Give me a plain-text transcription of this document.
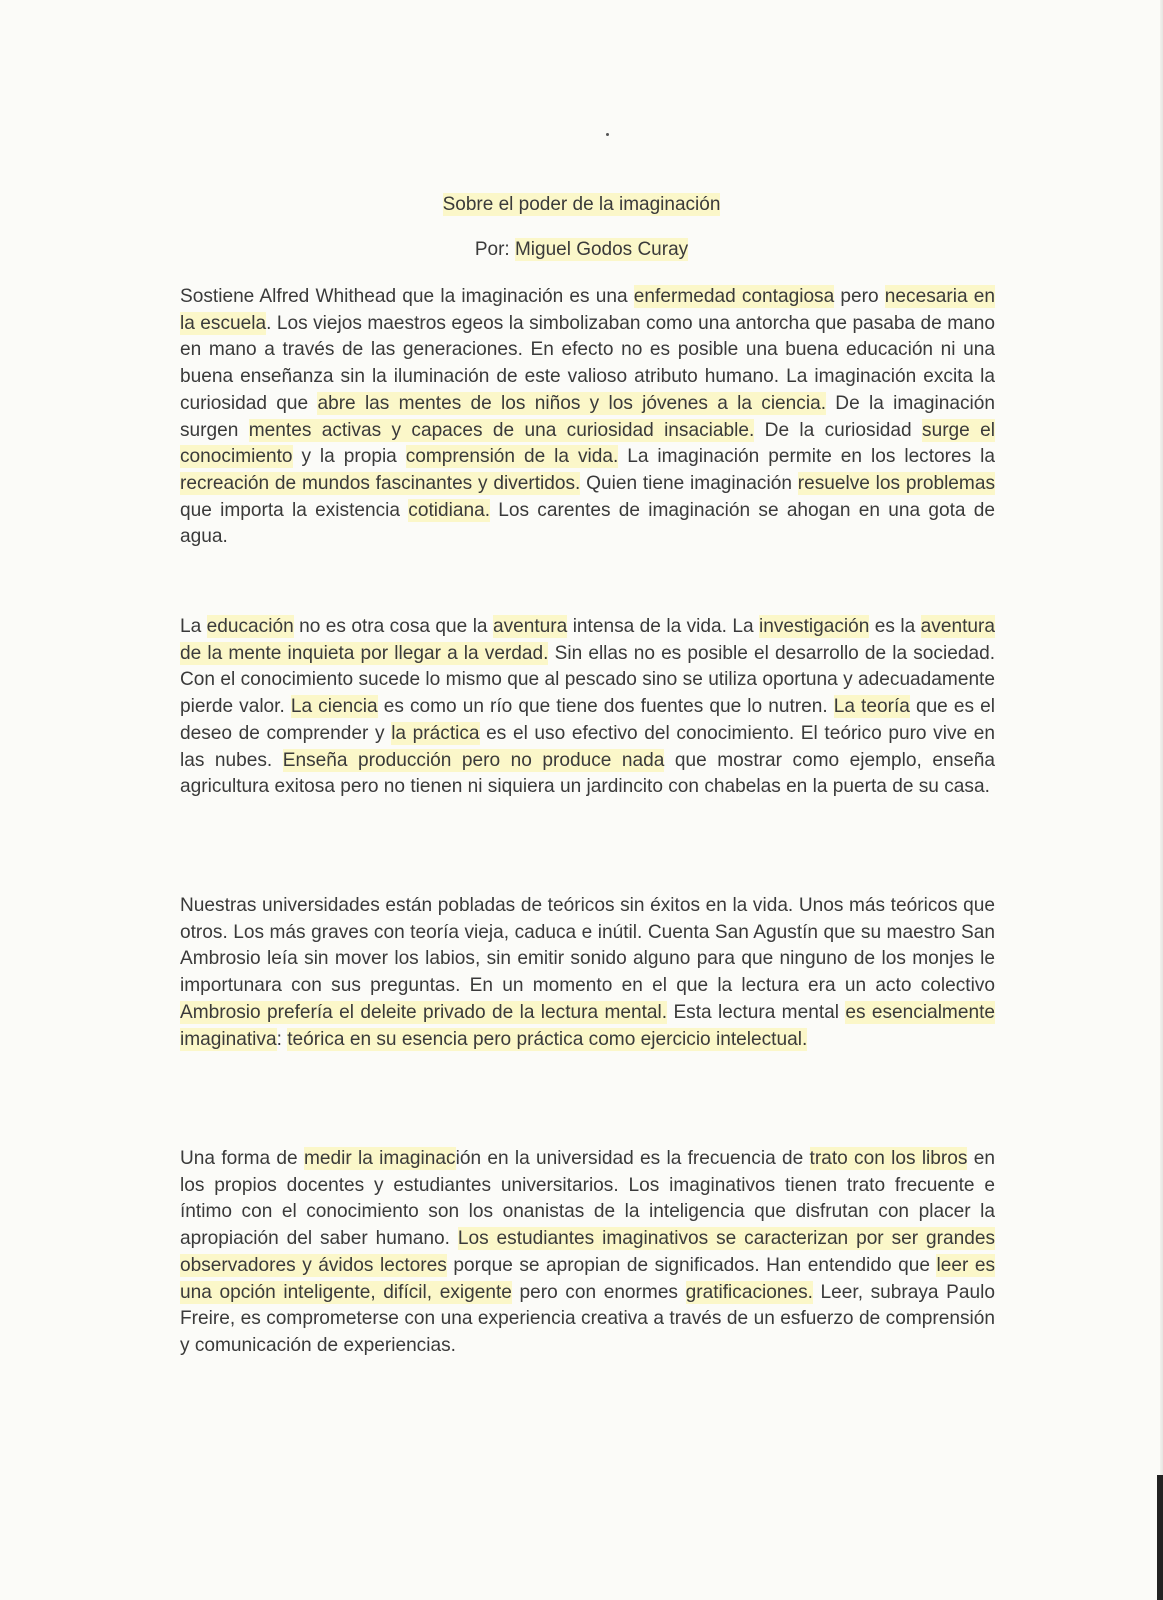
Sobre el poder de la imaginación
Por: Miguel Godos Curay

Sostiene Alfred Whithead que la imaginación es una enfermedad contagiosa pero necesaria en la escuela. Los viejos maestros egeos la simbolizaban como una antorcha que pasaba de mano en mano a través de las generaciones. En efecto no es posible una buena educación ni una buena enseñanza sin la iluminación de este valioso atributo humano. La imaginación excita la curiosidad que abre las mentes de los niños y los jóvenes a la ciencia. De la imaginación surgen mentes activas y capaces de una curiosidad insaciable. De la curiosidad surge el conocimiento y la propia comprensión de la vida. La imaginación permite en los lectores la recreación de mundos fascinantes y divertidos. Quien tiene imaginación resuelve los problemas que importa la existencia cotidiana. Los carentes de imaginación se ahogan en una gota de agua.

La educación no es otra cosa que la aventura intensa de la vida. La investigación es la aventura de la mente inquieta por llegar a la verdad. Sin ellas no es posible el desarrollo de la sociedad. Con el conocimiento sucede lo mismo que al pescado sino se utiliza oportuna y adecuadamente pierde valor. La ciencia es como un río que tiene dos fuentes que lo nutren. La teoría que es el deseo de comprender y la práctica es el uso efectivo del conocimiento. El teórico puro vive en las nubes. Enseña producción pero no produce nada que mostrar como ejemplo, enseña agricultura exitosa pero no tienen ni siquiera un jardincito con chabelas en la puerta de su casa.

Nuestras universidades están pobladas de teóricos sin éxitos en la vida. Unos más teóricos que otros. Los más graves con teoría vieja, caduca e inútil. Cuenta San Agustín que su maestro San Ambrosio leía sin mover los labios, sin emitir sonido alguno para que ninguno de los monjes le importunara con sus preguntas. En un momento en el que la lectura era un acto colectivo Ambrosio prefería el deleite privado de la lectura mental. Esta lectura mental es esencialmente imaginativa: teórica en su esencia pero práctica como ejercicio intelectual.

Una forma de medir la imaginación en la universidad es la frecuencia de trato con los libros en los propios docentes y estudiantes universitarios. Los imaginativos tienen trato frecuente e íntimo con el conocimiento son los onanistas de la inteligencia que disfrutan con placer la apropiación del saber humano. Los estudiantes imaginativos se caracterizan por ser grandes observadores y ávidos lectores porque se apropian de significados. Han entendido que leer es una opción inteligente, difícil, exigente pero con enormes gratificaciones. Leer, subraya Paulo Freire, es comprometerse con una experiencia creativa a través de un esfuerzo de comprensión y comunicación de experiencias.
